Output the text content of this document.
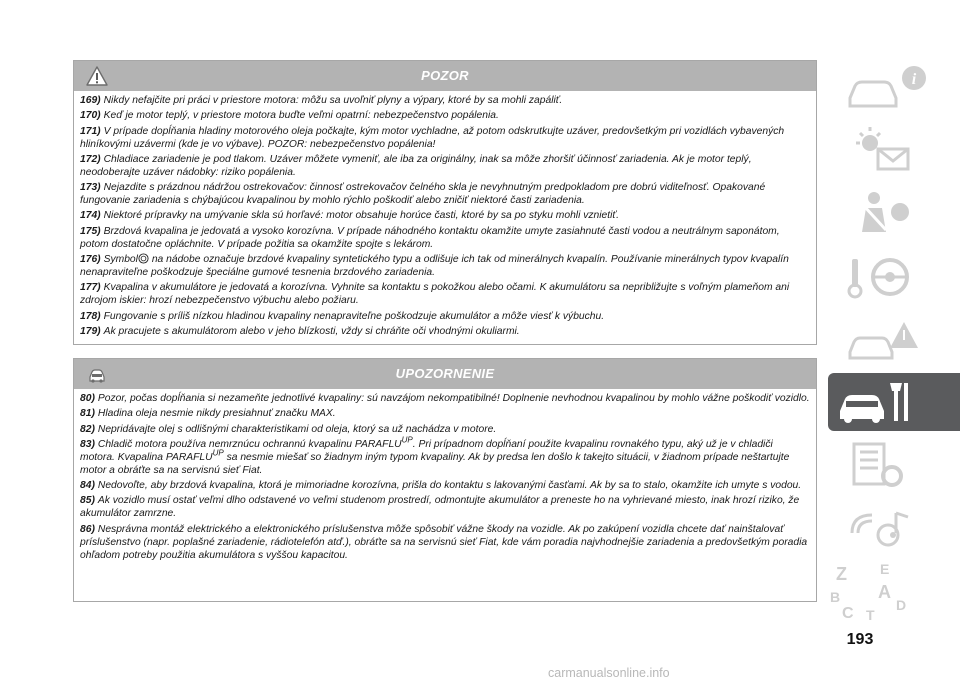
POZOR

169) Nikdy nefajčite pri práci v priestore motora: môžu sa uvoľniť plyny a výpary, ktoré by sa mohli zapáliť.

170) Keď je motor teplý, v priestore motora buďte veľmi opatrní: nebezpečenstvo popálenia.

171) V prípade dopĺňania hladiny motorového oleja počkajte, kým motor vychladne, až potom odskrutkujte uzáver, predovšetkým pri vozidlách vybavených hliníkovými uzávermi (kde je vo výbave). POZOR: nebezpečenstvo popálenia!

172) Chladiace zariadenie je pod tlakom. Uzáver môžete vymeniť, ale iba za originálny, inak sa môže zhoršiť účinnosť zariadenia. Ak je motor teplý, neodoberajte uzáver nádobky: riziko popálenia.

173) Nejazdite s prázdnou nádržou ostrekovačov: činnosť ostrekovačov čelného skla je nevyhnutným predpokladom pre dobrú viditeľnosť. Opakované fungovanie zariadenia s chýbajúcou kvapalinou by mohlo rýchlo poškodiť alebo zničiť niektoré časti zariadenia.

174) Niektoré prípravky na umývanie skla sú horľavé: motor obsahuje horúce časti, ktoré by sa po styku mohli vznietiť.

175) Brzdová kvapalina je jedovatá a vysoko korozívna. V prípade náhodného kontaktu okamžite umyte zasiahnuté časti vodou a neutrálnym saponátom, potom dostatočne opláchnite. V prípade požitia sa okamžite spojte s lekárom.

176) Symbol na nádobe označuje brzdové kvapaliny syntetického typu a odlišuje ich tak od minerálnych kvapalín. Používanie minerálnych typov kvapalín nenapraviteľne poškodzuje špeciálne gumové tesnenia brzdového zariadenia.

177) Kvapalina v akumulátore je jedovatá a korozívna. Vyhnite sa kontaktu s pokožkou alebo očami. K akumulátoru sa nepribližujte s voľným plameňom ani zdrojom iskier: hrozí nebezpečenstvo výbuchu alebo požiaru.

178) Fungovanie s príliš nízkou hladinou kvapaliny nenapraviteľne poškodzuje akumulátor a môže viesť k výbuchu.

179) Ak pracujete s akumulátorom alebo v jeho blízkosti, vždy si chráňte oči vhodnými okuliarmi.

UPOZORNENIE

80) Pozor, počas dopĺňania si nezameňte jednotlivé kvapaliny: sú navzájom nekompatibilné! Doplnenie nevhodnou kvapalinou by mohlo vážne poškodiť vozidlo.

81) Hladina oleja nesmie nikdy presiahnuť značku MAX.

82) Nepridávajte olej s odlišnými charakteristikami od oleja, ktorý sa už nachádza v motore.

83) Chladič motora používa nemrznúcu ochrannú kvapalinu $PARAFLU^{UP}$. Pri prípadnom dopĺňaní použite kvapalinu rovnakého typu, aký už je v chladiči motora. Kvapalina $PARAFLU^{UP}$ sa nesmie miešať so žiadnym iným typom kvapaliny. Ak by predsa len došlo k takejto situácii, v žiadnom prípade neštartujte motor a obráťte sa na servisnú sieť Fiat.

84) Nedovoľte, aby brzdová kvapalina, ktorá je mimoriadne korozívna, prišla do kontaktu s lakovanými časťami. Ak by sa to stalo, okamžite ich umyte s vodou.

85) Ak vozidlo musí ostať veľmi dlho odstavené vo veľmi studenom prostredí, odmontujte akumulátor a preneste ho na vyhrievané miesto, inak hrozí riziko, že akumulátor zamrzne.

86) Nesprávna montáž elektrického a elektronického príslušenstva môže spôsobiť vážne škody na vozidle. Ak po zakúpení vozidla chcete dať nainštalovať príslušenstvo (napr. poplašné zariadenie, rádiotelefón atď.), obráťte sa na servisnú sieť Fiat, kde vám poradia najvhodnejšie zariadenia a predovšetkým poradia ohľadom potreby použitia akumulátora s vyššou kapacitou.

i
Z E
B A
C	D
T
193
carmanualsonline.info
